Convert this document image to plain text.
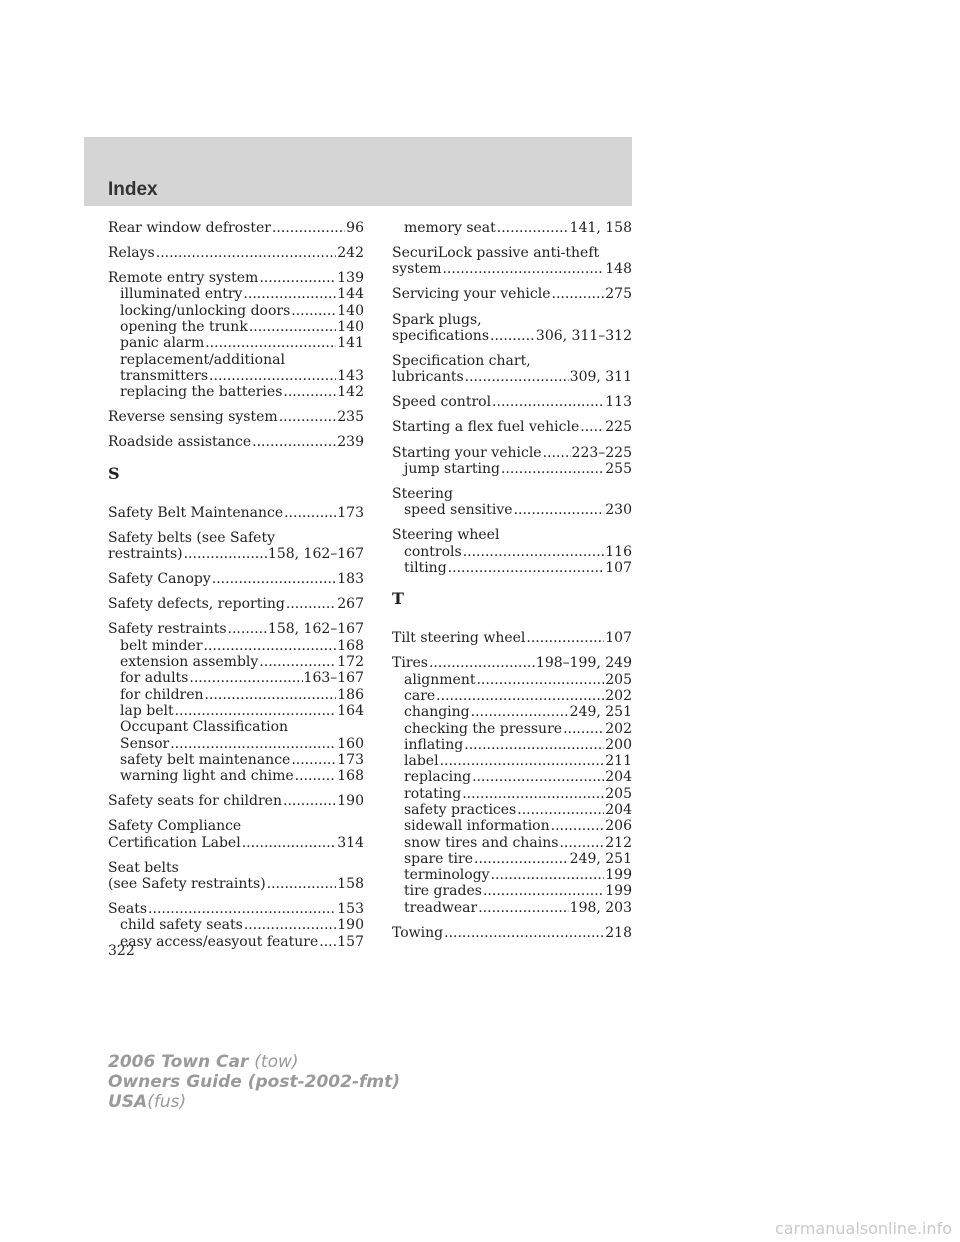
Index
Rear window defroster .....	96
Relays .....	242
Remote entry system .....	139
illuminated entry .....	144
locking/unlocking doors .....	140
opening the trunk .....	140
panic alarm .....	141
replacement/additional
transmitters .....	143
replacing the batteries .....	142
Reverse sensing system .....	235
Roadside assistance .....	239
S
Safety Belt Maintenance .....	173
Safety belts (see Safety
restraints) .....	158, 162–167
Safety Canopy .....	183
Safety defects, reporting .....	267
Safety restraints .....	158, 162–167
belt minder .....	168
extension assembly .....	172
for adults .....	163–167
for children .....	186
lap belt .....	164
Occupant Classification
Sensor .....	160
safety belt maintenance .....	173
warning light and chime .....	168
Safety seats for children .....	190
Safety Compliance
Certification Label .....	314
Seat belts
(see Safety restraints) .....	158
Seats .....	153
child safety seats .....	190
easy access/easyout feature ..... 157
memory seat .....	141, 158
SecuriLock passive anti-theft
system .....	148
Servicing your vehicle .....	275
Spark plugs,
specifications .....	306, 311–312
Specification chart,
lubricants .....	309, 311
Speed control .....	113
Starting a flex fuel vehicle ..... 225
Starting your vehicle ..... 223–225
jump starting .....	255
Steering
speed sensitive .....	230
Steering wheel
controls .....	116
tilting .....	107
T
Tilt steering wheel .....	107
Tires .....	198–199, 249
alignment .....	205
care .....	202
changing .....	249, 251
checking the pressure .....	202
inflating .....	200
label .....	211
replacing .....	204
rotating .....	205
safety practices .....	204
sidewall information .....	206
snow tires and chains .....	212
spare tire .....	249, 251
terminology .....	199
tire grades .....	199
treadwear .....	198, 203
Towing .....	218
322
2006 Town Car (tow)
Owners Guide (post-2002-fmt)
USA(fus)
carmanualsonline.info
